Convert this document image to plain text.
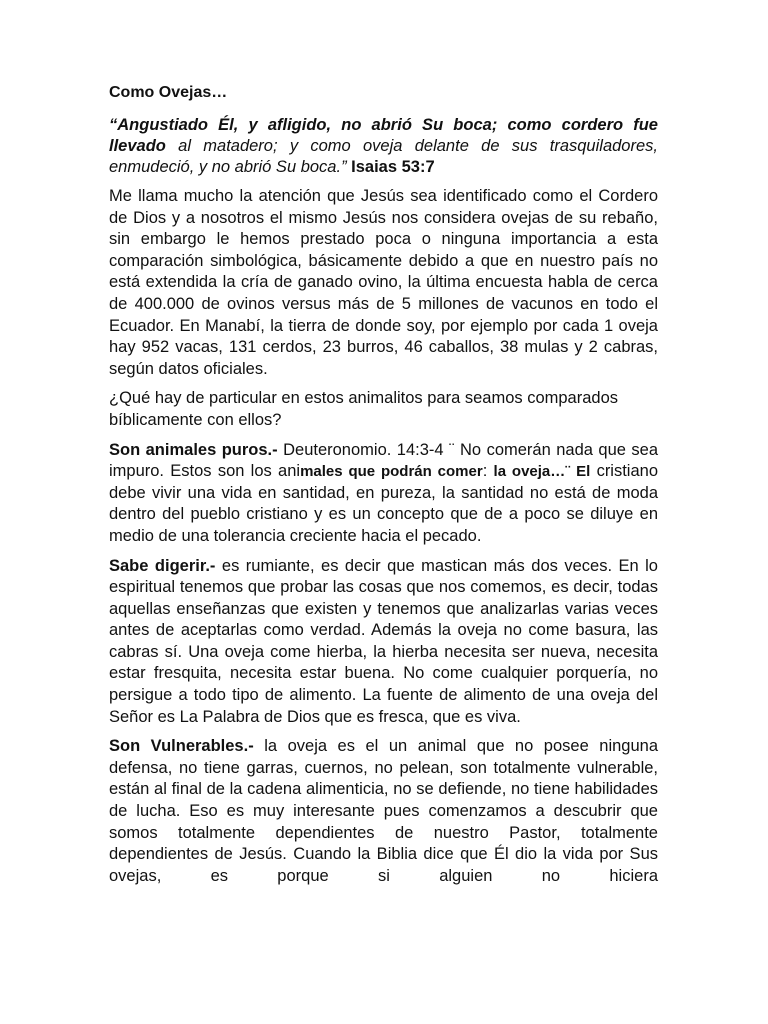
Como Ovejas…
“Angustiado Él, y afligido, no abrió Su boca; como cordero fue llevado al matadero; y como oveja delante de sus trasquiladores, enmudeció, y no abrió Su boca.” Isaias 53:7

Me llama mucho la atención que Jesús sea identificado como el Cordero de Dios y a nosotros el mismo Jesús nos considera ovejas de su rebaño, sin embargo le hemos prestado poca o ninguna importancia a esta comparación simbológica, básicamente debido a que en nuestro país no está extendida la cría de ganado ovino, la última encuesta habla de cerca de 400.000 de ovinos versus más de 5 millones de vacunos en todo el Ecuador. En Manabí, la tierra de donde soy, por ejemplo por cada 1 oveja hay 952 vacas, 131 cerdos, 23 burros, 46 caballos, 38 mulas y 2 cabras, según datos oficiales.

¿Qué hay de particular en estos animalitos para seamos comparados bíblicamente con ellos?

Son animales puros.- Deuteronomio. 14:3-4 ¨ No comerán nada que sea impuro. Estos son los animales que podrán comer: la oveja…¨ El cristiano debe vivir una vida en santidad, en pureza, la santidad no está de moda dentro del pueblo cristiano y es un concepto que de a poco se diluye en medio de una tolerancia creciente hacia el pecado.

Sabe digerir.- es rumiante, es decir que mastican más dos veces. En lo espiritual tenemos que probar las cosas que nos comemos, es decir, todas aquellas enseñanzas que existen y tenemos que analizarlas varias veces antes de aceptarlas como verdad. Además la oveja no come basura, las cabras sí. Una oveja come hierba, la hierba necesita ser nueva, necesita estar fresquita, necesita estar buena. No come cualquier porquería, no persigue a todo tipo de alimento. La fuente de alimento de una oveja del Señor es La Palabra de Dios que es fresca, que es viva.

Son Vulnerables.- la oveja es el un animal que no posee ninguna defensa, no tiene garras, cuernos, no pelean, son totalmente vulnerable, están al final de la cadena alimenticia, no se defiende, no tiene habilidades de lucha. Eso es muy interesante pues comenzamos a descubrir que somos totalmente dependientes de nuestro Pastor, totalmente dependientes de Jesús. Cuando la Biblia dice que Él dio la vida por Sus ovejas, es porque si alguien no hiciera
